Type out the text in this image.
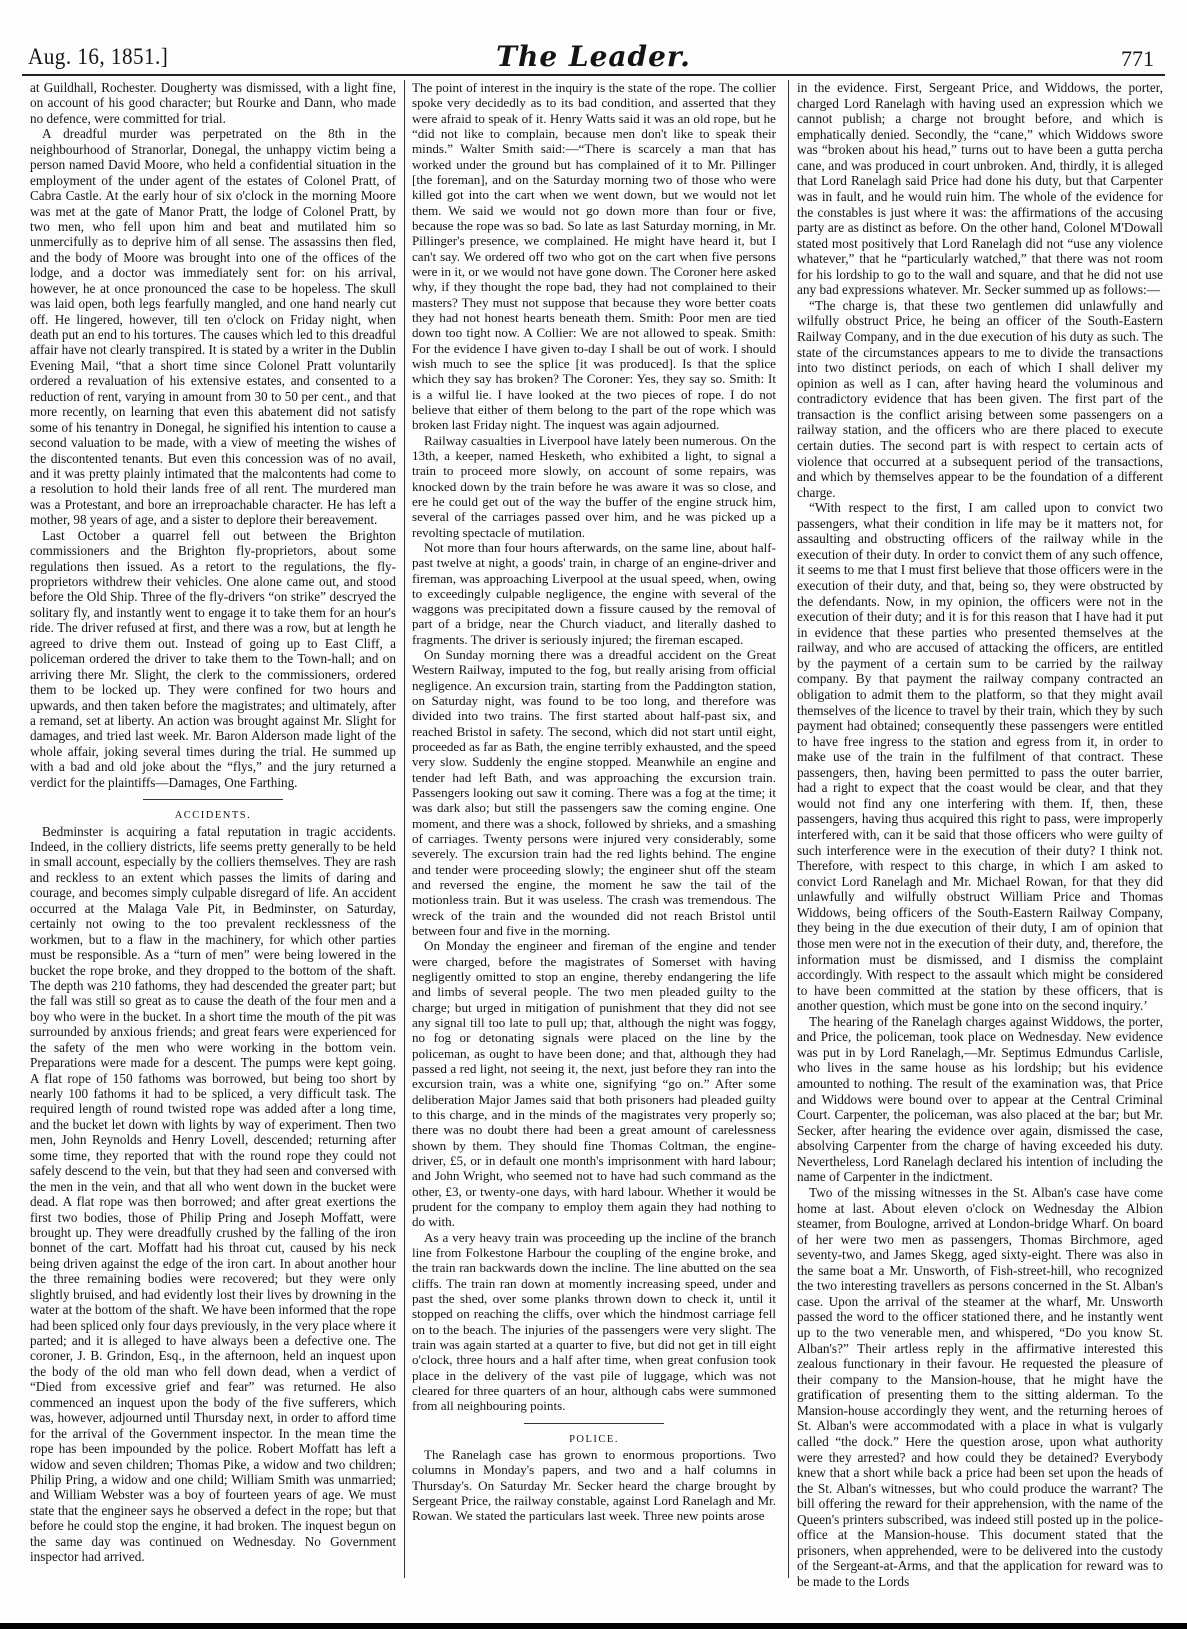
Aug. 16, 1851.]	The Leader.	771

at Guildhall, Rochester. Dougherty was dismissed, with a light fine, on account of his good character; but Rourke and Dann, who made no defence, were committed for trial.

A dreadful murder was perpetrated on the 8th in the neighbourhood of Stranorlar, Donegal, the unhappy victim being a person named David Moore, who held a confidential situation in the employment of the under agent of the estates of Colonel Pratt, of Cabra Castle. At the early hour of six o'clock in the morning Moore was met at the gate of Manor Pratt, the lodge of Colonel Pratt, by two men, who fell upon him and beat and mutilated him so unmercifully as to deprive him of all sense. The assassins then fled, and the body of Moore was brought into one of the offices of the lodge, and a doctor was immediately sent for: on his arrival, however, he at once pronounced the case to be hopeless. The skull was laid open, both legs fearfully mangled, and one hand nearly cut off. He lingered, however, till ten o'clock on Friday night, when death put an end to his tortures. The causes which led to this dreadful affair have not clearly transpired. It is stated by a writer in the Dublin Evening Mail, “that a short time since Colonel Pratt voluntarily ordered a revaluation of his extensive estates, and consented to a reduction of rent, varying in amount from 30 to 50 per cent., and that more recently, on learning that even this abatement did not satisfy some of his tenantry in Donegal, he signified his intention to cause a second valuation to be made, with a view of meeting the wishes of the discontented tenants. But even this concession was of no avail, and it was pretty plainly intimated that the malcontents had come to a resolution to hold their lands free of all rent. The murdered man was a Protestant, and bore an irreproachable character. He has left a mother, 98 years of age, and a sister to deplore their bereavement.

Last October a quarrel fell out between the Brighton commissioners and the Brighton fly-proprietors, about some regulations then issued. As a retort to the regulations, the fly-proprietors withdrew their vehicles. One alone came out, and stood before the Old Ship. Three of the fly-drivers “on strike” descryed the solitary fly, and instantly went to engage it to take them for an hour's ride. The driver refused at first, and there was a row, but at length he agreed to drive them out. Instead of going up to East Cliff, a policeman ordered the driver to take them to the Town-hall; and on arriving there Mr. Slight, the clerk to the commissioners, ordered them to be locked up. They were confined for two hours and upwards, and then taken before the magistrates; and ultimately, after a remand, set at liberty. An action was brought against Mr. Slight for damages, and tried last week. Mr. Baron Alderson made light of the whole affair, joking several times during the trial. He summed up with a bad and old joke about the “flys,” and the jury returned a verdict for the plaintiffs—Damages, One Farthing.

ACCIDENTS.

Bedminster is acquiring a fatal reputation in tragic accidents. Indeed, in the colliery districts, life seems pretty generally to be held in small account, especially by the colliers themselves. They are rash and reckless to an extent which passes the limits of daring and courage, and becomes simply culpable disregard of life. An accident occurred at the Malaga Vale Pit, in Bedminster, on Saturday, certainly not owing to the too prevalent recklessness of the workmen, but to a flaw in the machinery, for which other parties must be responsible. As a “turn of men” were being lowered in the bucket the rope broke, and they dropped to the bottom of the shaft. The depth was 210 fathoms, they had descended the greater part; but the fall was still so great as to cause the death of the four men and a boy who were in the bucket. In a short time the mouth of the pit was surrounded by anxious friends; and great fears were experienced for the safety of the men who were working in the bottom vein. Preparations were made for a descent. The pumps were kept going. A flat rope of 150 fathoms was borrowed, but being too short by nearly 100 fathoms it had to be spliced, a very difficult task. The required length of round twisted rope was added after a long time, and the bucket let down with lights by way of experiment. Then two men, John Reynolds and Henry Lovell, descended; returning after some time, they reported that with the round rope they could not safely descend to the vein, but that they had seen and conversed with the men in the vein, and that all who went down in the bucket were dead. A flat rope was then borrowed; and after great exertions the first two bodies, those of Philip Pring and Joseph Moffatt, were brought up. They were dreadfully crushed by the falling of the iron bonnet of the cart. Moffatt had his throat cut, caused by his neck being driven against the edge of the iron cart. In about another hour the three remaining bodies were recovered; but they were only slightly bruised, and had evidently lost their lives by drowning in the water at the bottom of the shaft. We have been informed that the rope had been spliced only four days previously, in the very place where it parted; and it is alleged to have always been a defective one. The coroner, J. B. Grindon, Esq., in the afternoon, held an inquest upon the body of the old man who fell down dead, when a verdict of “Died from excessive grief and fear” was returned. He also commenced an inquest upon the body of the five sufferers, which was, however, adjourned until Thursday next, in order to afford time for the arrival of the Government inspector. In the mean time the rope has been impounded by the police. Robert Moffatt has left a widow and seven children; Thomas Pike, a widow and two children; Philip Pring, a widow and one child; William Smith was unmarried; and William Webster was a boy of fourteen years of age. We must state that the engineer says he observed a defect in the rope; but that before he could stop the engine, it had broken. The inquest begun on the same day was continued on Wednesday. No Government inspector had arrived.

The point of interest in the inquiry is the state of the rope. The collier spoke very decidedly as to its bad condition, and asserted that they were afraid to speak of it. Henry Watts said it was an old rope, but he “did not like to complain, because men don't like to speak their minds.” Walter Smith said:—“There is scarcely a man that has worked under the ground but has complained of it to Mr. Pillinger [the foreman], and on the Saturday morning two of those who were killed got into the cart when we went down, but we would not let them. We said we would not go down more than four or five, because the rope was so bad. So late as last Saturday morning, in Mr. Pillinger's presence, we complained. He might have heard it, but I can't say. We ordered off two who got on the cart when five persons were in it, or we would not have gone down. The Coroner here asked why, if they thought the rope bad, they had not complained to their masters? They must not suppose that because they wore better coats they had not honest hearts beneath them. Smith: Poor men are tied down too tight now. A Collier: We are not allowed to speak. Smith: For the evidence I have given to-day I shall be out of work. I should wish much to see the splice [it was produced]. Is that the splice which they say has broken? The Coroner: Yes, they say so. Smith: It is a wilful lie. I have looked at the two pieces of rope. I do not believe that either of them belong to the part of the rope which was broken last Friday night. The inquest was again adjourned.

Railway casualties in Liverpool have lately been numerous. On the 13th, a keeper, named Hesketh, who exhibited a light, to signal a train to proceed more slowly, on account of some repairs, was knocked down by the train before he was aware it was so close, and ere he could get out of the way the buffer of the engine struck him, several of the carriages passed over him, and he was picked up a revolting spectacle of mutilation.

Not more than four hours afterwards, on the same line, about half-past twelve at night, a goods' train, in charge of an engine-driver and fireman, was approaching Liverpool at the usual speed, when, owing to exceedingly culpable negligence, the engine with several of the waggons was precipitated down a fissure caused by the removal of part of a bridge, near the Church viaduct, and literally dashed to fragments. The driver is seriously injured; the fireman escaped.

On Sunday morning there was a dreadful accident on the Great Western Railway, imputed to the fog, but really arising from official negligence. An excursion train, starting from the Paddington station, on Saturday night, was found to be too long, and therefore was divided into two trains. The first started about half-past six, and reached Bristol in safety. The second, which did not start until eight, proceeded as far as Bath, the engine terribly exhausted, and the speed very slow. Suddenly the engine stopped. Meanwhile an engine and tender had left Bath, and was approaching the excursion train. Passengers looking out saw it coming. There was a fog at the time; it was dark also; but still the passengers saw the coming engine. One moment, and there was a shock, followed by shrieks, and a smashing of carriages. Twenty persons were injured very considerably, some severely. The excursion train had the red lights behind. The engine and tender were proceeding slowly; the engineer shut off the steam and reversed the engine, the moment he saw the tail of the motionless train. But it was useless. The crash was tremendous. The wreck of the train and the wounded did not reach Bristol until between four and five in the morning.

On Monday the engineer and fireman of the engine and tender were charged, before the magistrates of Somerset with having negligently omitted to stop an engine, thereby endangering the life and limbs of several people. The two men pleaded guilty to the charge; but urged in mitigation of punishment that they did not see any signal till too late to pull up; that, although the night was foggy, no fog or detonating signals were placed on the line by the policeman, as ought to have been done; and that, although they had passed a red light, not seeing it, the next, just before they ran into the excursion train, was a white one, signifying “go on.” After some deliberation Major James said that both prisoners had pleaded guilty to this charge, and in the minds of the magistrates very properly so; there was no doubt there had been a great amount of carelessness shown by them. They should fine Thomas Coltman, the engine-driver, £5, or in default one month's imprisonment with hard labour; and John Wright, who seemed not to have had such command as the other, £3, or twenty-one days, with hard labour. Whether it would be prudent for the company to employ them again they had nothing to do with.

As a very heavy train was proceeding up the incline of the branch line from Folkestone Harbour the coupling of the engine broke, and the train ran backwards down the incline. The line abutted on the sea cliffs. The train ran down at momently increasing speed, under and past the shed, over some planks thrown down to check it, until it stopped on reaching the cliffs, over which the hindmost carriage fell on to the beach. The injuries of the passengers were very slight. The train was again started at a quarter to five, but did not get in till eight o'clock, three hours and a half after time, when great confusion took place in the delivery of the vast pile of luggage, which was not cleared for three quarters of an hour, although cabs were summoned from all neighbouring points.

POLICE.

The Ranelagh case has grown to enormous proportions. Two columns in Monday's papers, and two and a half columns in Thursday's. On Saturday Mr. Secker heard the charge brought by Sergeant Price, the railway constable, against Lord Ranelagh and Mr. Rowan. We stated the particulars last week. Three new points arose

in the evidence. First, Sergeant Price, and Widdows, the porter, charged Lord Ranelagh with having used an expression which we cannot publish; a charge not brought before, and which is emphatically denied. Secondly, the “cane,” which Widdows swore was “broken about his head,” turns out to have been a gutta percha cane, and was produced in court unbroken. And, thirdly, it is alleged that Lord Ranelagh said Price had done his duty, but that Carpenter was in fault, and he would ruin him. The whole of the evidence for the constables is just where it was: the affirmations of the accusing party are as distinct as before. On the other hand, Colonel M'Dowall stated most positively that Lord Ranelagh did not “use any violence whatever,” that he “particularly watched,” that there was not room for his lordship to go to the wall and square, and that he did not use any bad expressions whatever. Mr. Secker summed up as follows:—

“The charge is, that these two gentlemen did unlawfully and wilfully obstruct Price, he being an officer of the South-Eastern Railway Company, and in the due execution of his duty as such. The state of the circumstances appears to me to divide the transactions into two distinct periods, on each of which I shall deliver my opinion as well as I can, after having heard the voluminous and contradictory evidence that has been given. The first part of the transaction is the conflict arising between some passengers on a railway station, and the officers who are there placed to execute certain duties. The second part is with respect to certain acts of violence that occurred at a subsequent period of the transactions, and which by themselves appear to be the foundation of a different charge.

“With respect to the first, I am called upon to convict two passengers, what their condition in life may be it matters not, for assaulting and obstructing officers of the railway while in the execution of their duty. In order to convict them of any such offence, it seems to me that I must first believe that those officers were in the execution of their duty, and that, being so, they were obstructed by the defendants. Now, in my opinion, the officers were not in the execution of their duty; and it is for this reason that I have had it put in evidence that these parties who presented themselves at the railway, and who are accused of attacking the officers, are entitled by the payment of a certain sum to be carried by the railway company. By that payment the railway company contracted an obligation to admit them to the platform, so that they might avail themselves of the licence to travel by their train, which they by such payment had obtained; consequently these passengers were entitled to have free ingress to the station and egress from it, in order to make use of the train in the fulfilment of that contract. These passengers, then, having been permitted to pass the outer barrier, had a right to expect that the coast would be clear, and that they would not find any one interfering with them. If, then, these passengers, having thus acquired this right to pass, were improperly interfered with, can it be said that those officers who were guilty of such interference were in the execution of their duty? I think not. Therefore, with respect to this charge, in which I am asked to convict Lord Ranelagh and Mr. Michael Rowan, for that they did unlawfully and wilfully obstruct William Price and Thomas Widdows, being officers of the South-Eastern Railway Company, they being in the due execution of their duty, I am of opinion that those men were not in the execution of their duty, and, therefore, the information must be dismissed, and I dismiss the complaint accordingly. With respect to the assault which might be considered to have been committed at the station by these officers, that is another question, which must be gone into on the second inquiry.’

The hearing of the Ranelagh charges against Widdows, the porter, and Price, the policeman, took place on Wednesday. New evidence was put in by Lord Ranelagh,—Mr. Septimus Edmundus Carlisle, who lives in the same house as his lordship; but his evidence amounted to nothing. The result of the examination was, that Price and Widdows were bound over to appear at the Central Criminal Court. Carpenter, the policeman, was also placed at the bar; but Mr. Secker, after hearing the evidence over again, dismissed the case, absolving Carpenter from the charge of having exceeded his duty. Nevertheless, Lord Ranelagh declared his intention of including the name of Carpenter in the indictment.

Two of the missing witnesses in the St. Alban's case have come home at last. About eleven o'clock on Wednesday the Albion steamer, from Boulogne, arrived at London-bridge Wharf. On board of her were two men as passengers, Thomas Birchmore, aged seventy-two, and James Skegg, aged sixty-eight. There was also in the same boat a Mr. Unsworth, of Fish-street-hill, who recognized the two interesting travellers as persons concerned in the St. Alban's case. Upon the arrival of the steamer at the wharf, Mr. Unsworth passed the word to the officer stationed there, and he instantly went up to the two venerable men, and whispered, “Do you know St. Alban's?” Their artless reply in the affirmative interested this zealous functionary in their favour. He requested the pleasure of their company to the Mansion-house, that he might have the gratification of presenting them to the sitting alderman. To the Mansion-house accordingly they went, and the returning heroes of St. Alban's were accommodated with a place in what is vulgarly called “the dock.” Here the question arose, upon what authority were they arrested? and how could they be detained? Everybody knew that a short while back a price had been set upon the heads of the St. Alban's witnesses, but who could produce the warrant? The bill offering the reward for their apprehension, with the name of the Queen's printers subscribed, was indeed still posted up in the police-office at the Mansion-house. This document stated that the prisoners, when apprehended, were to be delivered into the custody of the Sergeant-at-Arms, and that the application for reward was to be made to the Lords
